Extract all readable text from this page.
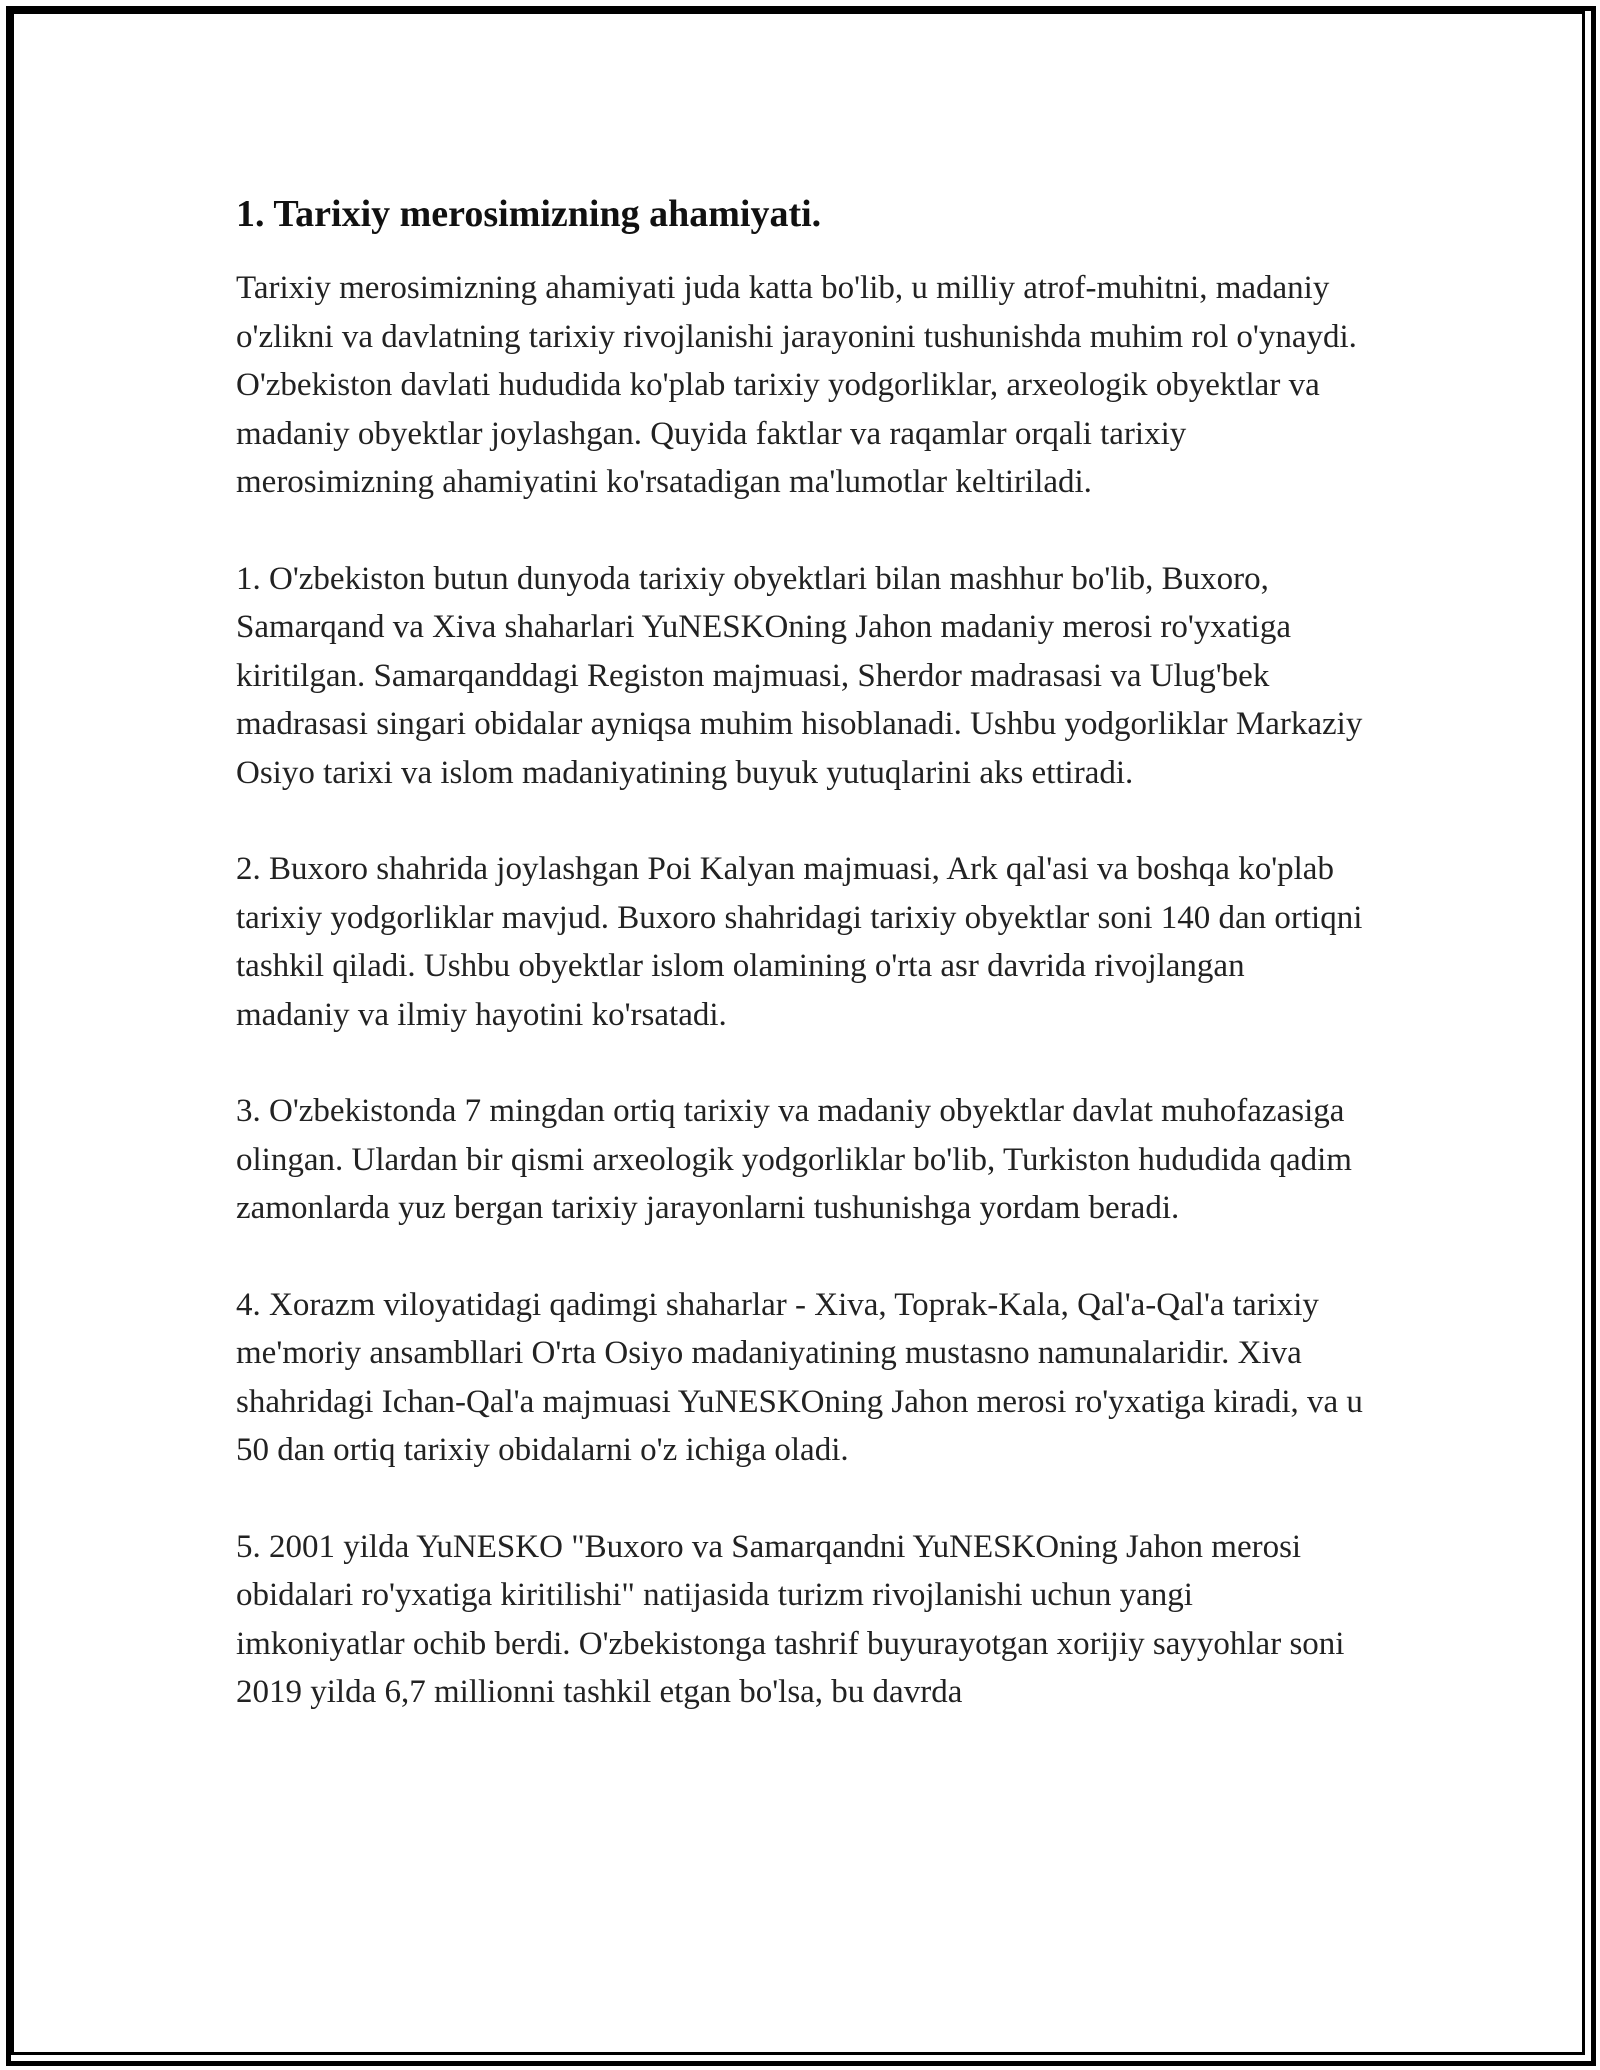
1. Tarixiy merosimizning ahamiyati.

Tarixiy merosimizning ahamiyati juda katta bo'lib, u milliy atrof-muhitni, madaniy o'zlikni va davlatning tarixiy rivojlanishi jarayonini tushunishda muhim rol o'ynaydi. O'zbekiston davlati hududida ko'plab tarixiy yodgorliklar, arxeologik obyektlar va madaniy obyektlar joylashgan. Quyida faktlar va raqamlar orqali tarixiy merosimizning ahamiyatini ko'rsatadigan ma'lumotlar keltiriladi.

1. O'zbekiston butun dunyoda tarixiy obyektlari bilan mashhur bo'lib, Buxoro, Samarqand va Xiva shaharlari YuNESKOning Jahon madaniy merosi ro'yxatiga kiritilgan. Samarqanddagi Registon majmuasi, Sherdor madrasasi va Ulug'bek madrasasi singari obidalar ayniqsa muhim hisoblanadi. Ushbu yodgorliklar Markaziy Osiyo tarixi va islom madaniyatining buyuk yutuqlarini aks ettiradi.

2. Buxoro shahrida joylashgan Poi Kalyan majmuasi, Ark qal'asi va boshqa ko'plab tarixiy yodgorliklar mavjud. Buxoro shahridagi tarixiy obyektlar soni 140 dan ortiqni tashkil qiladi. Ushbu obyektlar islom olamining o'rta asr davrida rivojlangan madaniy va ilmiy hayotini ko'rsatadi.

3. O'zbekistonda 7 mingdan ortiq tarixiy va madaniy obyektlar davlat muhofazasiga olingan. Ulardan bir qismi arxeologik yodgorliklar bo'lib, Turkiston hududida qadim zamonlarda yuz bergan tarixiy jarayonlarni tushunishga yordam beradi.

4. Xorazm viloyatidagi qadimgi shaharlar - Xiva, Toprak-Kala, Qal'a-Qal'a tarixiy me'moriy ansambllari O'rta Osiyo madaniyatining mustasno namunalaridir. Xiva shahridagi Ichan-Qal'a majmuasi YuNESKOning Jahon merosi ro'yxatiga kiradi, va u 50 dan ortiq tarixiy obidalarni o'z ichiga oladi.

5. 2001 yilda YuNESKO "Buxoro va Samarqandni YuNESKOning Jahon merosi obidalari ro'yxatiga kiritilishi" natijasida turizm rivojlanishi uchun yangi imkoniyatlar ochib berdi. O'zbekistonga tashrif buyurayotgan xorijiy sayyohlar soni 2019 yilda 6,7 millionni tashkil etgan bo'lsa, bu davrda
